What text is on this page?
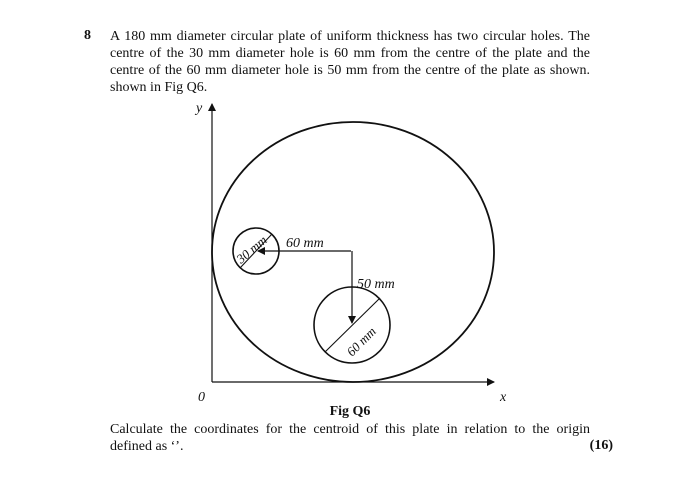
8 A 180 mm diameter circular plate of uniform thickness has two circular holes. The
centre of the 30 mm diameter hole is 60 mm from the centre of the plate and the
centre of the 60 mm diameter hole is 50 mm from the centre of the plate as shown.
shown in Fig Q6.
y
x
0
60 mm
50 mm
30 mm
60 mm
Fig Q6
Calculate the coordinates for the centroid of this plate in relation to the origin
defined as ‘’.	(16)
